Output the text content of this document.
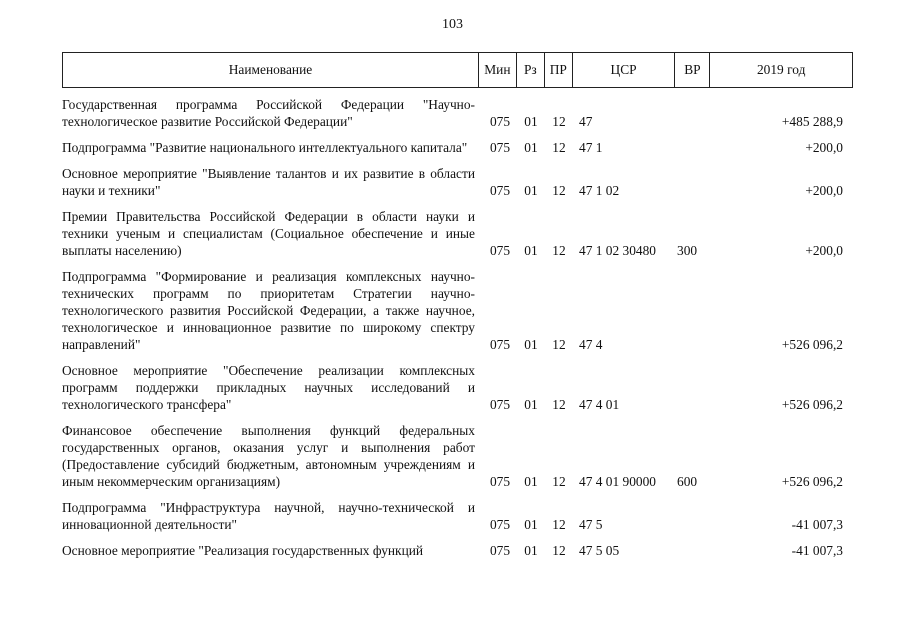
103
Наименование	Мин	Рз ПР	ЦСР	ВР	2019 год
Государственная программа Российской Федерации "Научно-технологическое развитие Российской Федерации"	075	01	12 47	+485 288,9
Подпрограмма "Развитие национального интеллектуального капитала"	075	01	12 47 1	+200,0
Основное мероприятие "Выявление талантов и их развитие в области науки и техники"	075	01	12 47 1 02	+200,0
Премии Правительства Российской Федерации в области науки и техники ученым и специалистам (Социальное обеспечение и иные выплаты населению)	075	01	12 47 1 02 30480	300	+200,0
Подпрограмма "Формирование и реализация комплексных научно-технических программ по приоритетам Стратегии научно-технологического развития Российской Федерации, а также научное, технологическое и инновационное развитие по широкому спектру направлений"	075	01	12 47 4	+526 096,2
Основное мероприятие "Обеспечение реализации комплексных программ поддержки прикладных научных исследований и технологического трансфера"	075	01	12 47 4 01	+526 096,2
Финансовое обеспечение выполнения функций федеральных государственных органов, оказания услуг и выполнения работ (Предоставление субсидий бюджетным, автономным учреждениям и иным некоммерческим организациям)	075	01	12 47 4 01 90000	600	+526 096,2
Подпрограмма "Инфраструктура научной, научно-технической и инновационной деятельности"	075	01	12 47 5	-41 007,3
Основное мероприятие "Реализация государственных функций	075	01	12 47 5 05	-41 007,3
